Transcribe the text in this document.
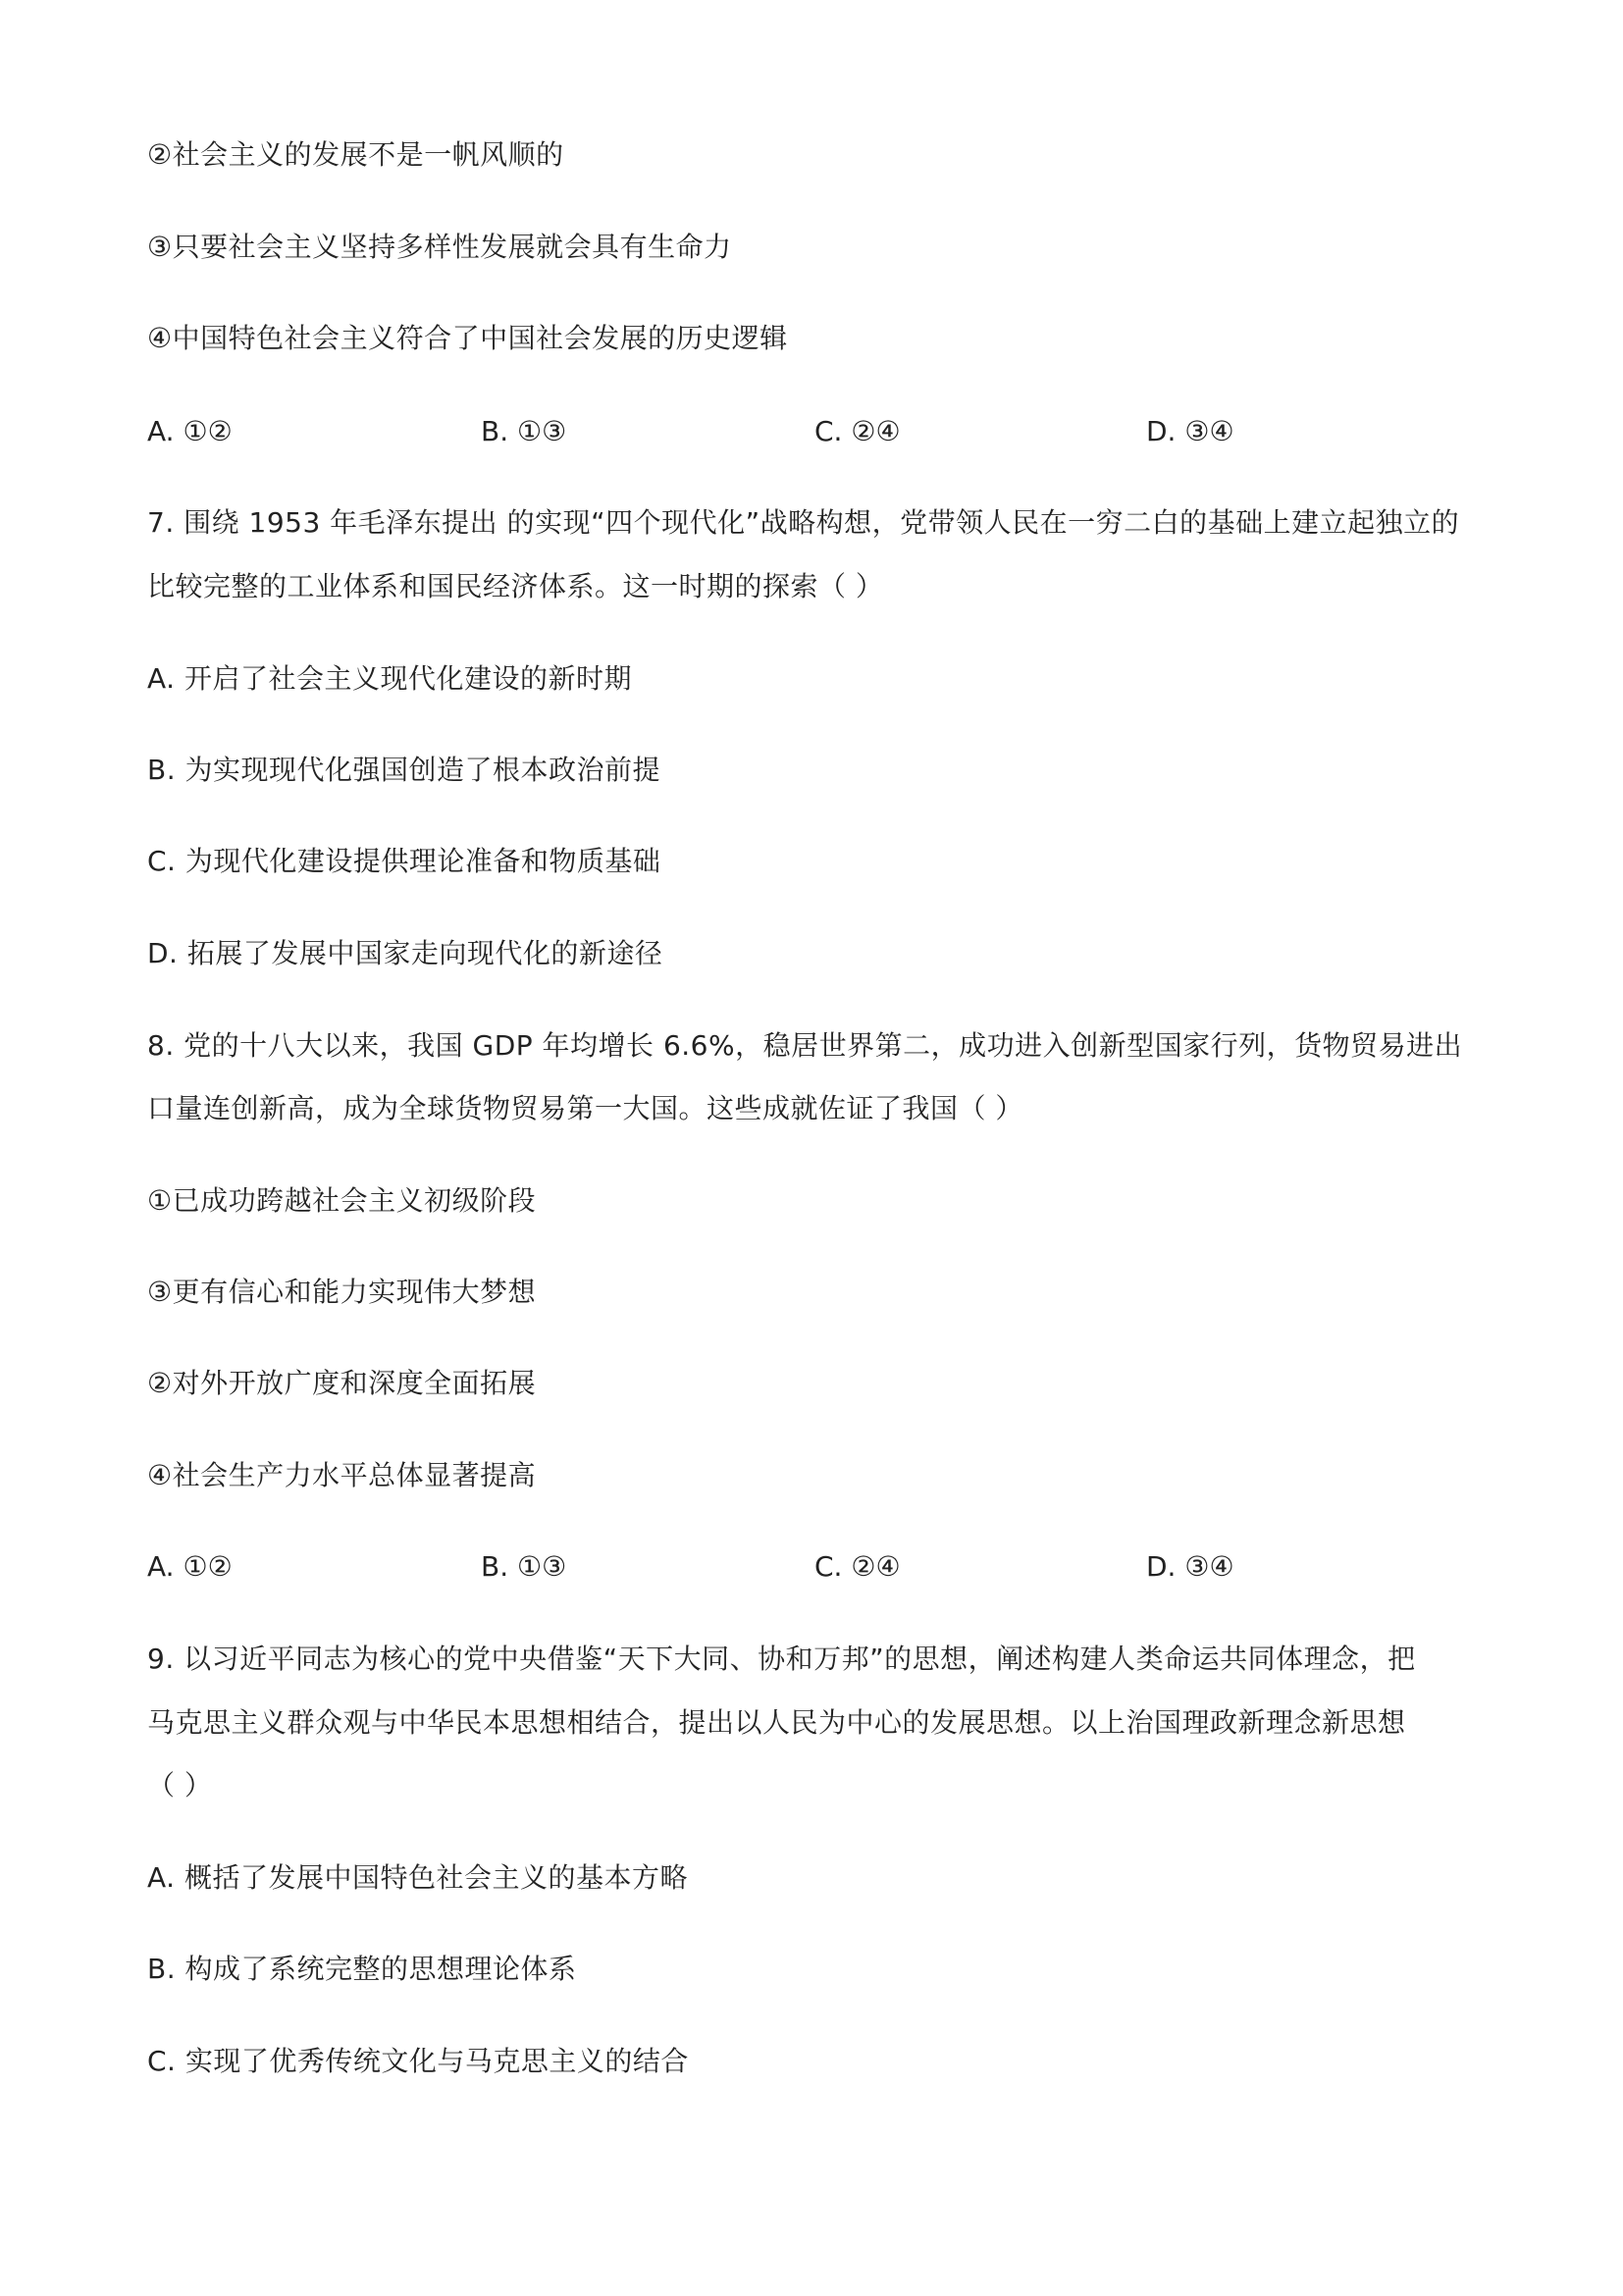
②社会主义的发展不是一帆风顺的
③只要社会主义坚持多样性发展就会具有生命力
④中国特色社会主义符合了中国社会发展的历史逻辑
A. ①②	B. ①③	C. ②④	D. ③④
7. 围绕 1953 年毛泽东提出 的实现“四个现代化”战略构想，党带领人民在一穷二白的基础上建立起独立的
比较完整的工业体系和国民经济体系。这一时期的探索（ ）
A. 开启了社会主义现代化建设的新时期
B. 为实现现代化强国创造了根本政治前提
C. 为现代化建设提供理论准备和物质基础
D. 拓展了发展中国家走向现代化的新途径
8. 党的十八大以来，我国 GDP 年均增长 6.6%，稳居世界第二，成功进入创新型国家行列，货物贸易进出
口量连创新高，成为全球货物贸易第一大国。这些成就佐证了我国（ ）
①已成功跨越社会主义初级阶段
③更有信心和能力实现伟大梦想
②对外开放广度和深度全面拓展
④社会生产力水平总体显著提高
A. ①②	B. ①③	C. ②④	D. ③④
9. 以习近平同志为核心的党中央借鉴“天下大同、协和万邦”的思想，阐述构建人类命运共同体理念，把
马克思主义群众观与中华民本思想相结合，提出以人民为中心的发展思想。以上治国理政新理念新思想
（ ）
A. 概括了发展中国特色社会主义的基本方略
B. 构成了系统完整的思想理论体系
C. 实现了优秀传统文化与马克思主义的结合
